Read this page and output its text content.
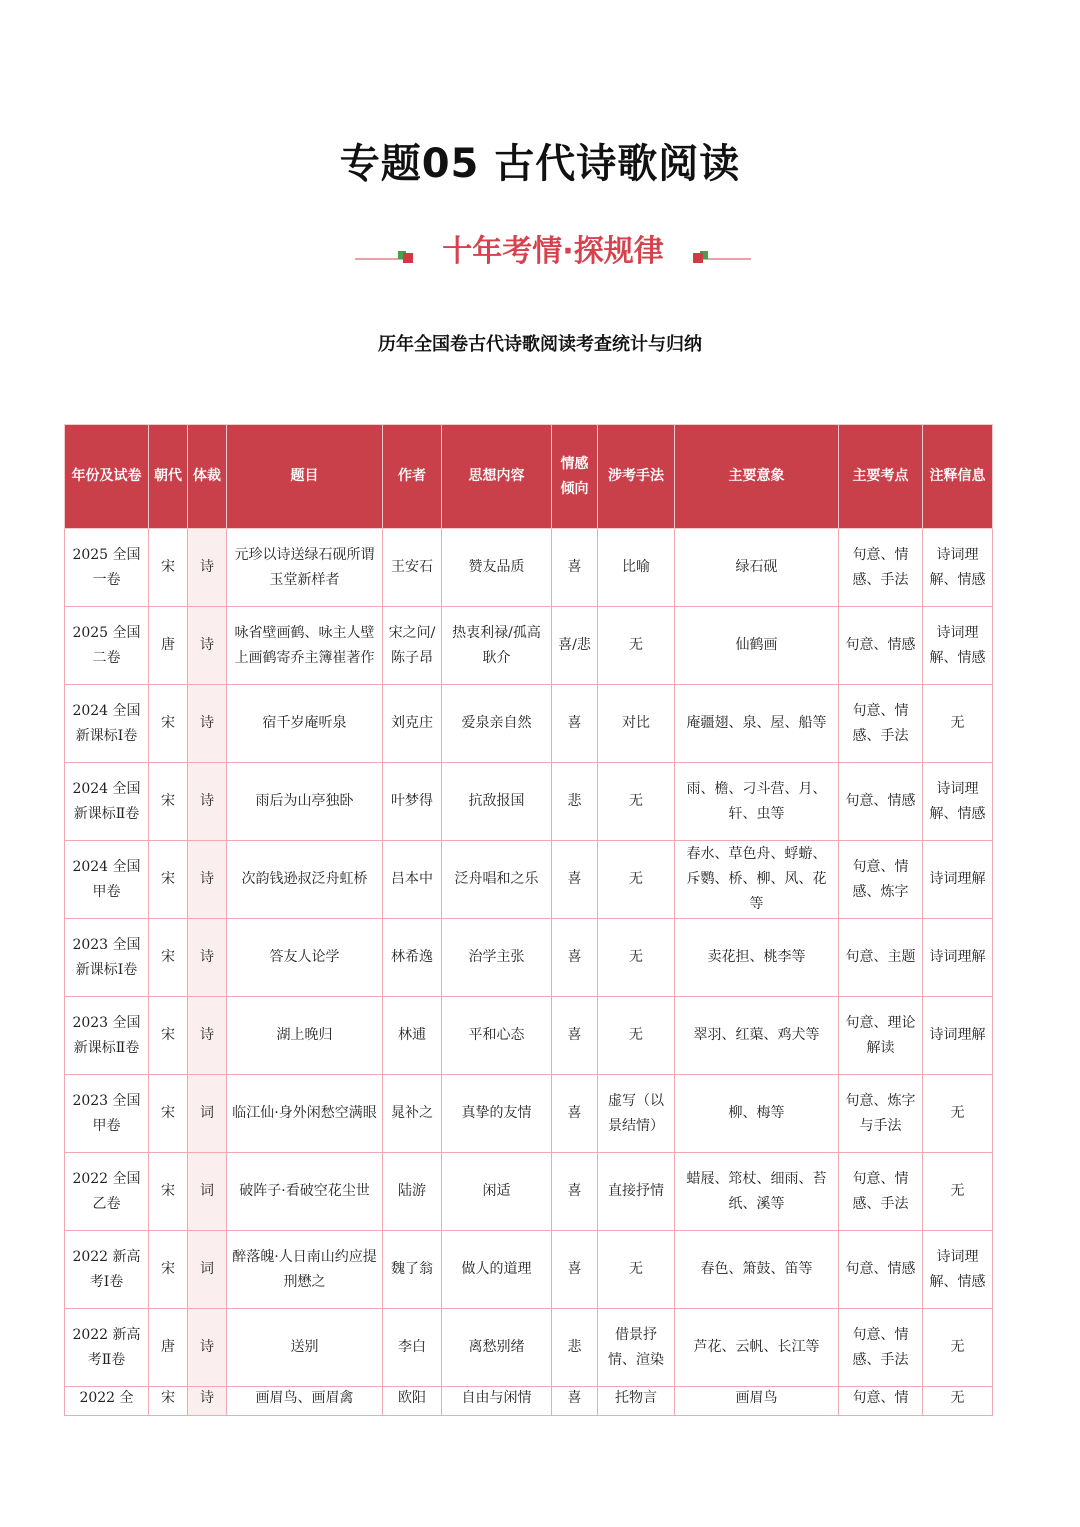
专题05 古代诗歌阅读
十年考情·探规律
历年全国卷古代诗歌阅读考查统计与归纳
年份及试卷	朝代	体裁	题目	作者	思想内容	情感倾向	涉考手法	主要意象	主要考点	注释信息
2025 全国一卷	宋	诗	元珍以诗送绿石砚所谓玉堂新样者	王安石	赞友品质	喜	比喻	绿石砚	句意、情感、手法	诗词理解、情感
2025 全国二卷	唐	诗	咏省壁画鹤、咏主人壁上画鹤寄乔主簿崔著作	宋之问/陈子昂	热衷利禄/孤高耿介	喜/悲	无	仙鹤画	句意、情感	诗词理解、情感
2024 全国新课标Ⅰ卷	宋	诗	宿千岁庵听泉	刘克庄	爱泉亲自然	喜	对比	庵疆翅、泉、屋、船等	句意、情感、手法	无
2024 全国新课标Ⅱ卷	宋	诗	雨后为山亭独卧	叶梦得	抗敌报国	悲	无	雨、檐、刁斗营、月、轩、虫等	句意、情感	诗词理解、情感
2024 全国甲卷	宋	诗	次韵钱逊叔泛舟虹桥	吕本中	泛舟唱和之乐	喜	无	春水、草色舟、蜉蝣、斥鹦、桥、柳、风、花等	句意、情感、炼字	诗词理解
2023 全国新课标Ⅰ卷	宋	诗	答友人论学	林希逸	治学主张	喜	无	卖花担、桃李等	句意、主题	诗词理解
2023 全国新课标Ⅱ卷	宋	诗	湖上晚归	林逋	平和心态	喜	无	翠羽、红蕖、鸡犬等	句意、理论解读	诗词理解
2023 全国甲卷	宋	词	临江仙·身外闲愁空满眼	晁补之	真挚的友情	喜	虚写（以景结情）	柳、梅等	句意、炼字与手法	无
2022 全国乙卷	宋	词	破阵子·看破空花尘世	陆游	闲适	喜	直接抒情	蜡屐、筇杖、细雨、苔纸、溪等	句意、情感、手法	无
2022 新高考Ⅰ卷	宋	词	醉落魄·人日南山约应提刑懋之	魏了翁	做人的道理	喜	无	春色、箫鼓、笛等	句意、情感	诗词理解、情感
2022 新高考Ⅱ卷	唐	诗	送别	李白	离愁别绪	悲	借景抒情、渲染	芦花、云帆、长江等	句意、情感、手法	无
2022 全	宋	诗	画眉鸟、画眉禽	欧阳	自由与闲情	喜	托物言	画眉鸟	句意、情	无
